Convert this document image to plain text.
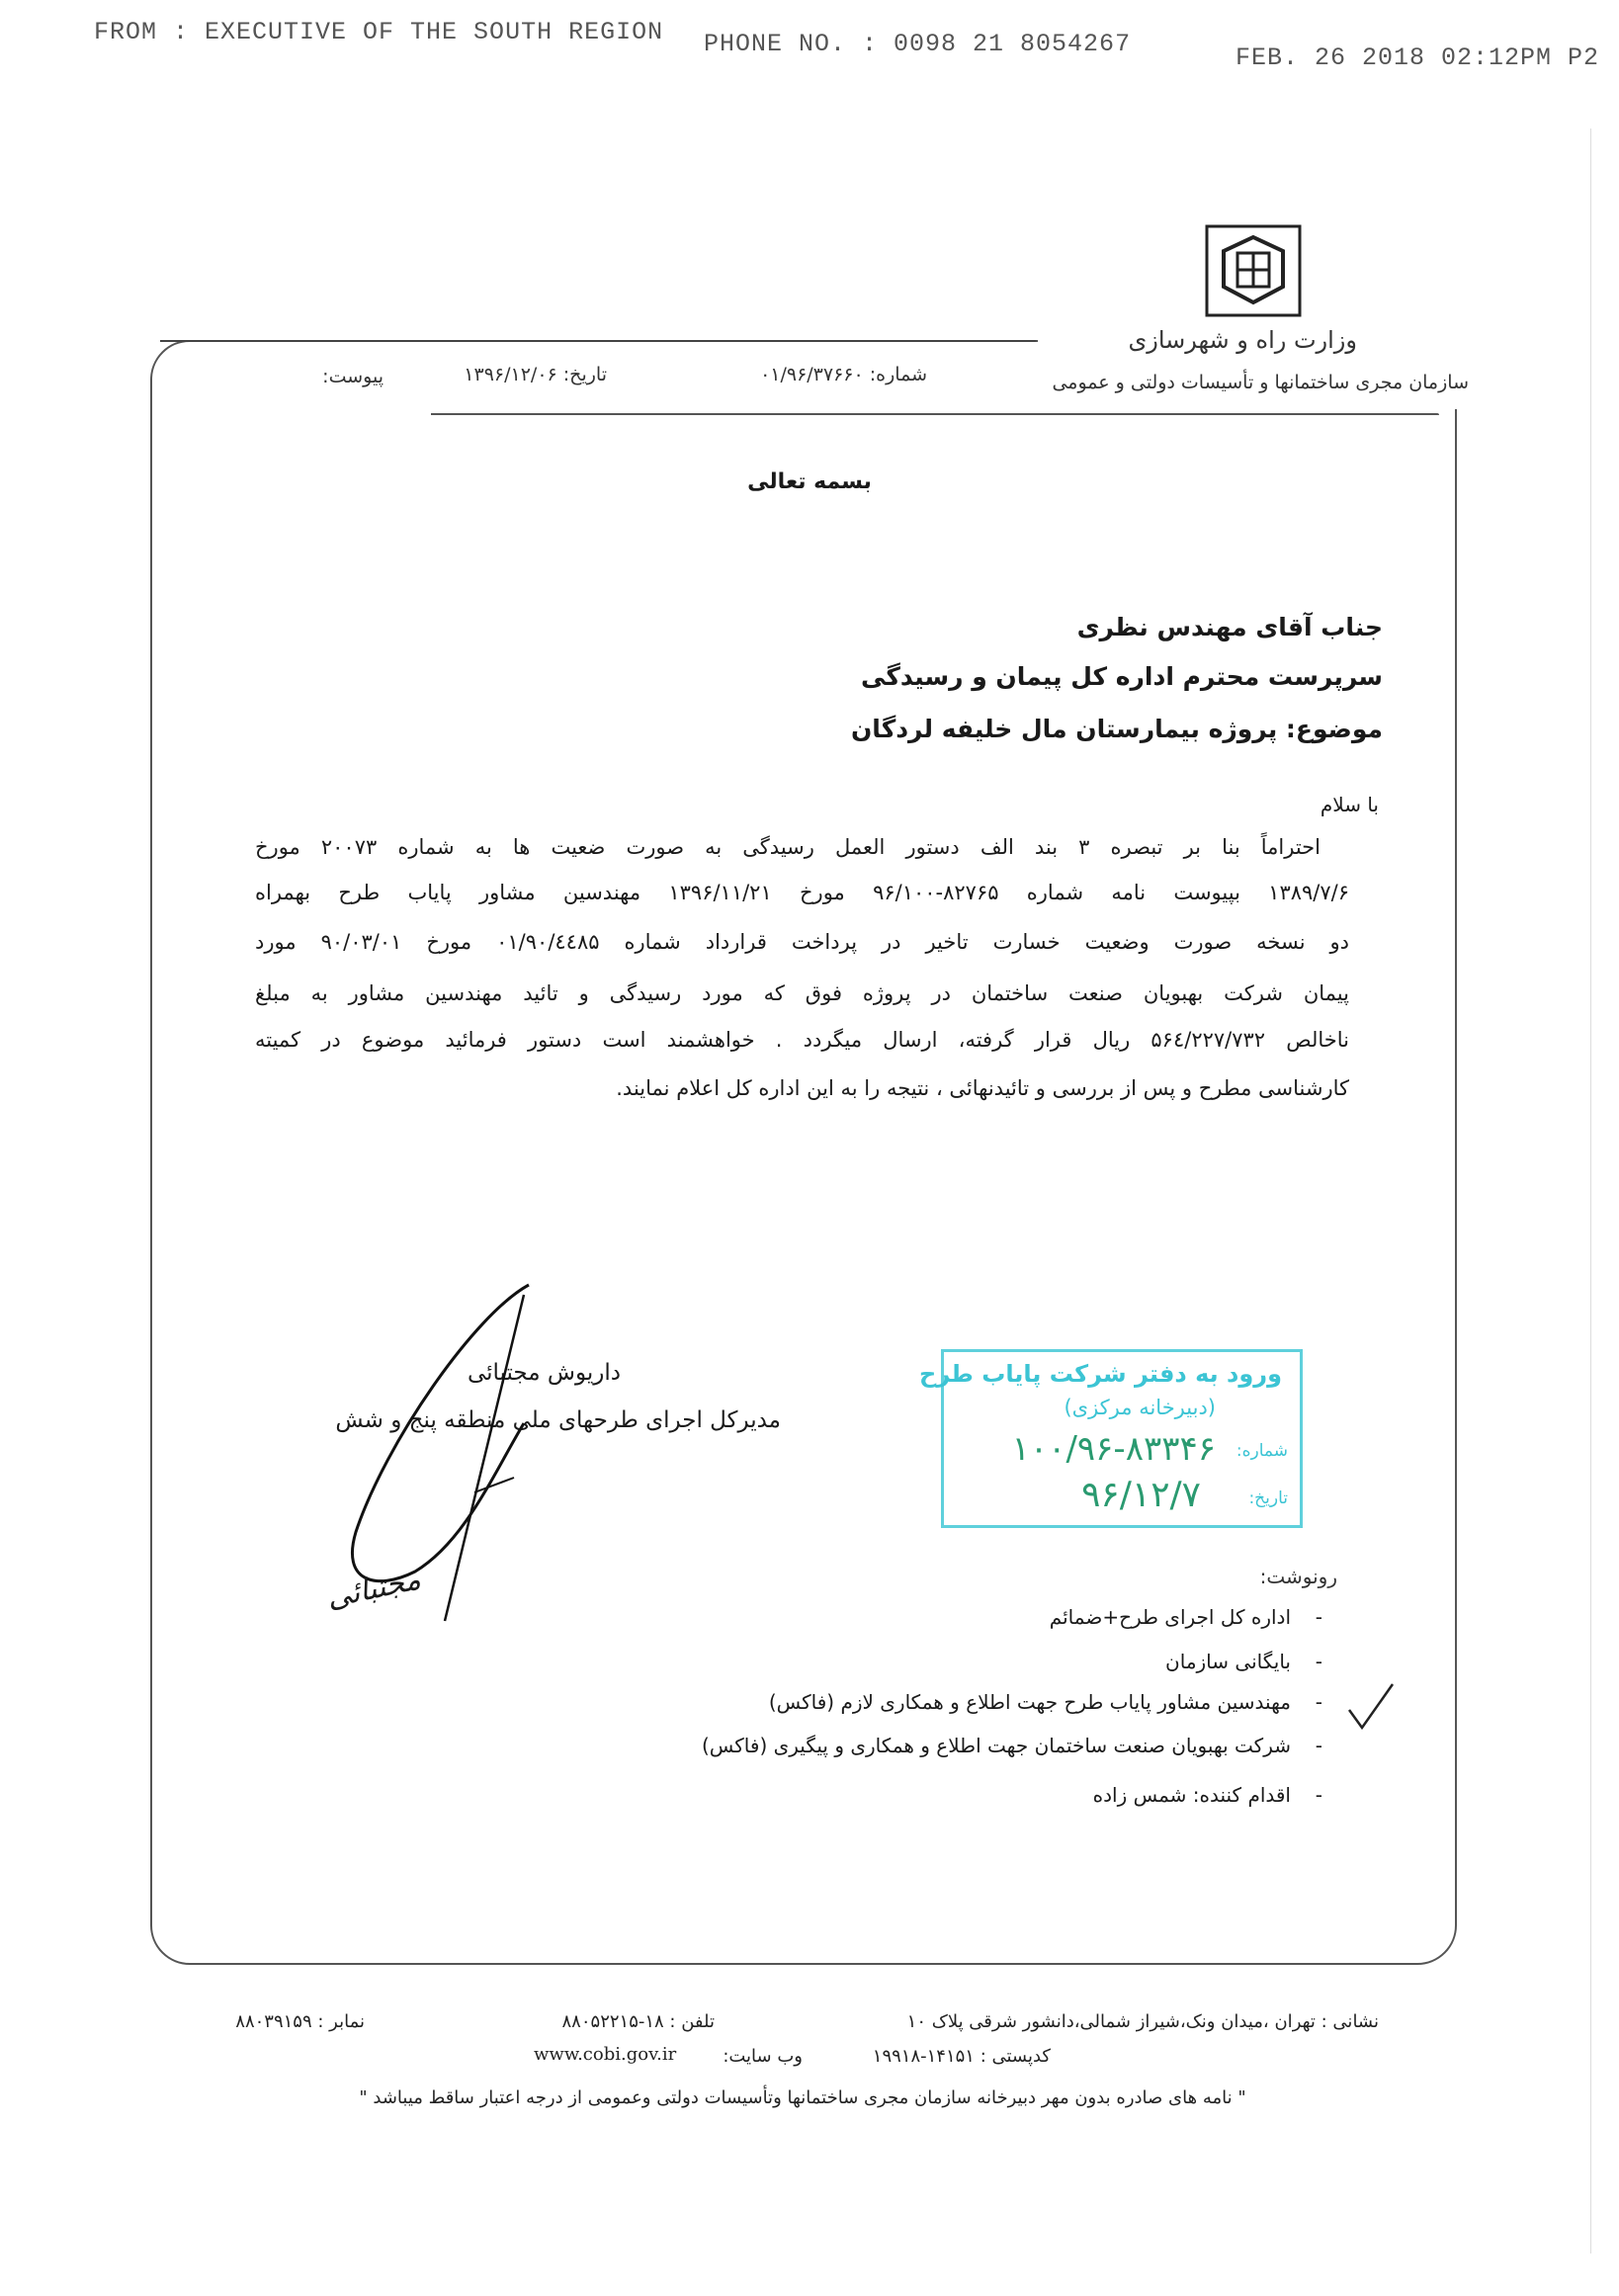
FROM : EXECUTIVE OF THE SOUTH REGION PHONE NO. : 0098 21 8054267	FEB. 26 2018 02:12PM P2
وزارت راه و شهرسازی
سازمان مجری ساختمانها و تأسیسات دولتی و عمومی
شماره: ۰۱/۹۶/۳۷۶۶۰
تاریخ: ۱۳۹۶/۱۲/۰۶
پیوست:
بسمه تعالی
جناب آقای مهندس نظری
سرپرست محترم اداره کل پیمان و رسیدگی
موضوع: پروژه بیمارستان مال خلیفه لردگان
با سلام
احتراماً بنا بر تبصره ۳ بند الف دستور العمل رسیدگی به صورت ضعیت ها به شماره ۲۰۰۷۳ مورخ
۱۳۸۹/۷/۶ بپیوست نامه شماره ۸۲۷۶۵-۹۶/۱۰۰ مورخ ۱۳۹۶/۱۱/۲۱ مهندسین مشاور پایاب طرح بهمراه
دو نسخه صورت وضعیت خسارت تاخیر در پرداخت قرارداد شماره ۰۱/۹۰/٤٤٨۵ مورخ ۹۰/۰۳/۰۱ مورد
پیمان شرکت بهبویان صنعت ساختمان در پروژه فوق که مورد رسیدگی و تائید مهندسین مشاور به مبلغ
ناخالص ۵۶٤/۲۲۷/۷۳۲ ریال قرار گرفته، ارسال میگردد . خواهشمند است دستور فرمائید موضوع در کمیته
کارشناسی مطرح و پس از بررسی و تائیدنهائی ، نتیجه را به این اداره کل اعلام نمایند.
داریوش مجتبائی
مدیرکل اجرای طرحهای ملی منطقه پنج و شش
مجتبائی
ورود به دفتر شرکت پایاب طرح
(دبیرخانه مرکزی)
شماره:
۱۰۰/۹۶-۸۳۳۴۶
تاریخ:
۹۶/۱۲/۷
رونوشت:
-
اداره کل اجرای طرح+ضمائم
-
بایگانی سازمان
-
مهندسین مشاور پایاب طرح جهت اطلاع و همکاری لازم (فاکس)
-
شرکت بهبویان صنعت ساختمان جهت اطلاع و همکاری و پیگیری (فاکس)
-
اقدام کننده: شمس زاده
نشانی : تهران ،میدان ونک،شیراز شمالی،دانشور شرقی پلاک ۱۰
تلفن : ۱۸-۸۸۰۵۲۲۱۵
نمابر : ۸۸۰۳۹۱۵۹
کدپستی : ۱۴۱۵۱-۱۹۹۱۸
وب سایت:
www.cobi.gov.ir
" نامه های صادره بدون مهر دبیرخانه سازمان مجری ساختمانها وتأسیسات دولتی وعمومی از درجه اعتبار ساقط میباشد "
